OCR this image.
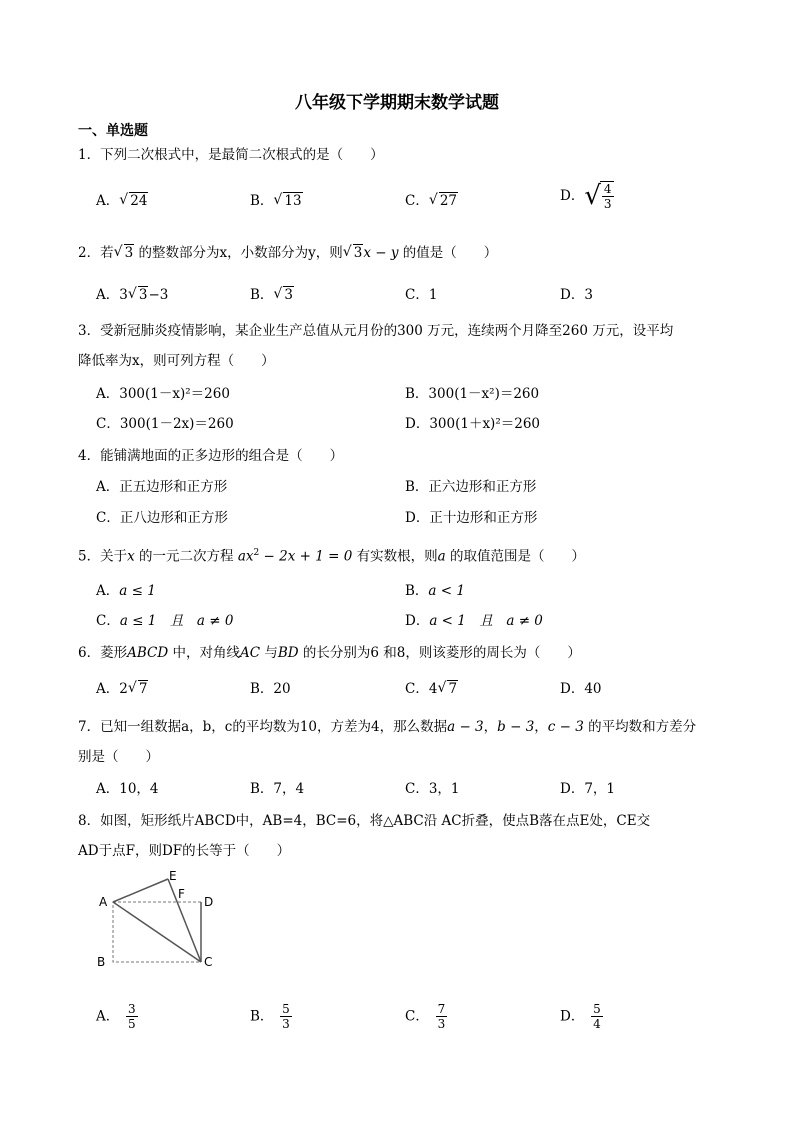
八年级下学期期末数学试题
一、单选题
1．下列二次根式中，是最简二次根式的是（　　）
A． √ 24	B． √ 13	C． √ 27	D． √ $\frac{4}{3}$
2．若 √ 3 的整数部分为x，小数部分为y，则 √ 3x − y 的值是（　　）
A．3 √ 3−3	B． √ 3	C．1	D．3
3．受新冠肺炎疫情影响，某企业生产总值从元月份的300 万元，连续两个月降至260 万元，设平均
降低率为x，则可列方程（　　）
A．300(1－x)²＝260	B．300(1－x²)＝260
C．300(1－2x)＝260	D．300(1＋x)²＝260
4．能铺满地面的正多边形的组合是（　　）
A．正五边形和正方形	B．正六边形和正方形
C．正八边形和正方形	D．正十边形和正方形
5．关于x 的一元二次方程 $ax^2 - 2x + 1 = 0$ 有实数根，则a 的取值范围是（　　）
A．a ≤ 1	B．a < 1
C．a ≤ 1　且　a ≠ 0	D．a < 1　且　a ≠ 0
6．菱形ABCD 中，对角线AC 与BD 的长分别为6 和8，则该菱形的周长为（　　）
A．2 √ 7	B．20	C．4 √ 7	D．40
7．已知一组数据a，b，c的平均数为10，方差为4，那么数据a − 3，b − 3，c − 3 的平均数和方差分
别是（　　）
A．10，4	B．7，4	C．3，1	D．7，1
8．如图，矩形纸片ABCD中，AB=4，BC=6，将△ABC沿 AC折叠，使点B落在点E处，CE交
AD于点F，则DF的长等于（　　）
A
B	C
D
E
F
A．　 $\frac{3}{5}$	B．　 $\frac{5}{3}$	C．　 $\frac{7}{3}$	D．　 $\frac{5}{4}$
